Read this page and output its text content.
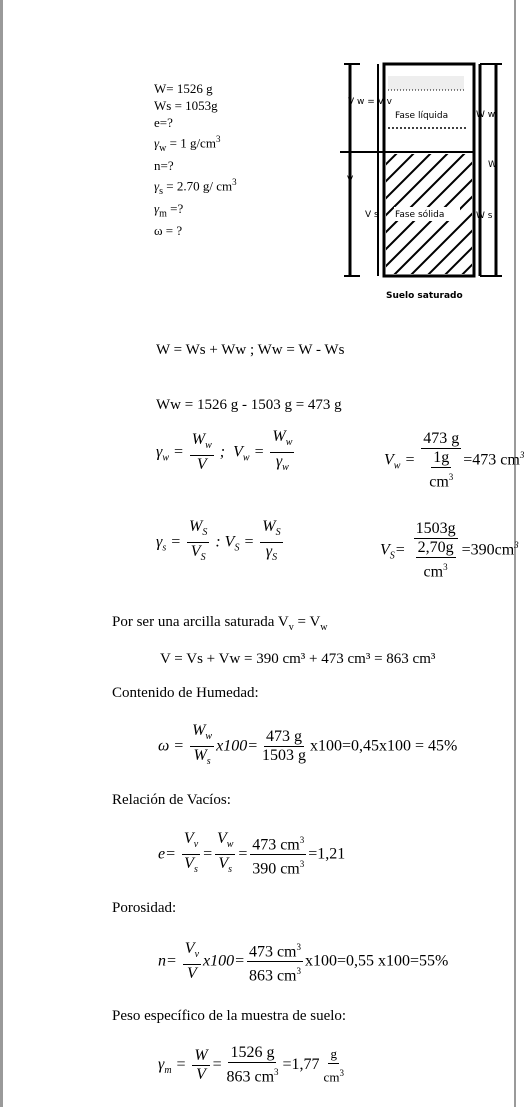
W= 1526 g
Ws = 1053g
e=?
$\gamma_w = 1$ $g/cm^3$
n=?
$\gamma_s = 2.70$ g/ $cm^3$
$\gamma_m$ =?
ω = ?
V w = V v
V
V s
W w
W
W s
Fase líquida
Fase sólida
Suelo saturado
W = Ws + Ww ; Ww = W - Ws
Ww = 1526 g - 1503 g = 473 g
$\gamma_w = \frac{W_w}{V}$ ;  $V_w = \frac{W_w}{\gamma_w}$	$V_w = \frac{473 g}{\frac{1g}{cm^3}} =473$ $cm^3$
$\gamma_s = \frac{W_S}{V_S}$ : $V_S = \frac{W_S}{\gamma_S}$	$V_S= \frac{1503g}{\frac{2,70g}{cm^3}} =390cm^3$
Por ser una arcilla saturada $V_v = V_w$
V = Vs + Vw = 390 cm³ + 473 cm³ = 863 cm³
Contenido de Humedad:
$\omega = \frac{W_w}{W_s} x100= \frac{473 g}{1503 g} x100=0,45x100 = 45\%$
Relación de Vacíos:
$e= \frac{V_v}{V_s} = \frac{V_w}{V_s} = \frac{473 cm^3}{390 cm^3} =1,21$
Porosidad:
$n= \frac{V_v}{V} x100= \frac{473 cm^3}{863 cm^3} x100=0,55$ x100=55%
Peso específico de la muestra de suelo:
$\gamma_m = \frac{W}{V} = \frac{1526 g}{863 cm^3} =1,77 \frac{g}{cm^3}$
